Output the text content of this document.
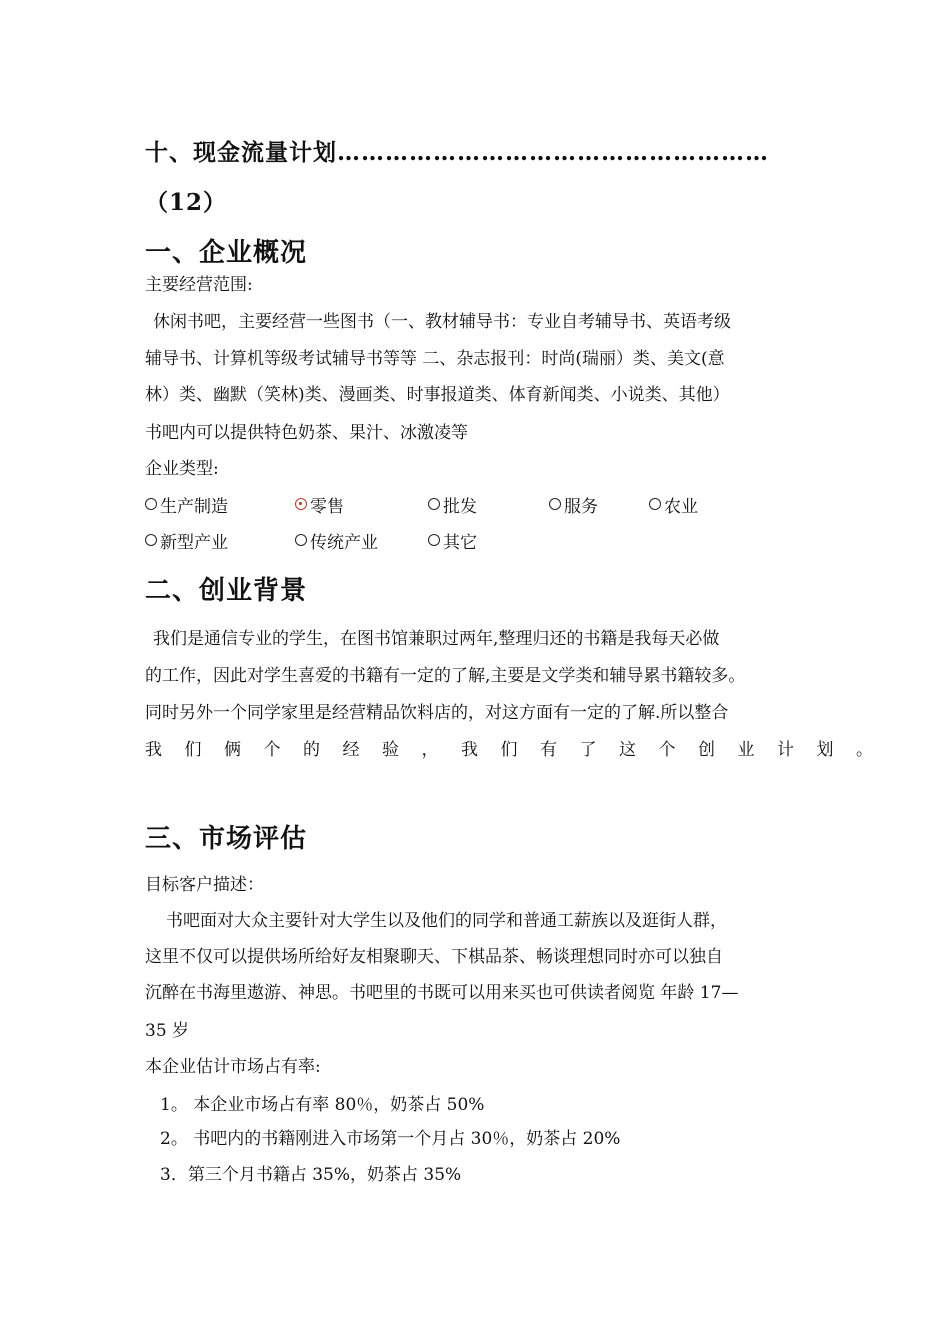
十、现金流量计划………………………………………………
（12）
一、企业概况
主要经营范围:
休闲书吧，主要经营一些图书（一、教材辅导书：专业自考辅导书、英语考级
辅导书、计算机等级考试辅导书等等 二、杂志报刊：时尚(瑞丽）类、美文(意
林）类、幽默（笑林)类、漫画类、时事报道类、体育新闻类、小说类、其他）
书吧内可以提供特色奶茶、果汁、冰激凌等
企业类型:
生产制造	零售	批发	服务	农业
新型产业	传统产业	其它
二、创业背景
我们是通信专业的学生，在图书馆兼职过两年,整理归还的书籍是我每天必做
的工作，因此对学生喜爱的书籍有一定的了解,主要是文学类和辅导累书籍较多。
同时另外一个同学家里是经营精品饮料店的，对这方面有一定的了解.所以整合
我们俩个的经验，我们有了这个创业计划。
三、市场评估
目标客户描述：
书吧面对大众主要针对大学生以及他们的同学和普通工薪族以及逛街人群，
这里不仅可以提供场所给好友相聚聊天、下棋品茶、畅谈理想同时亦可以独自
沉醉在书海里遨游、神思。书吧里的书既可以用来买也可供读者阅览 年龄 17—
35 岁
本企业估计市场占有率:
1。 本企业市场占有率 80％，奶茶占 50%
2。 书吧内的书籍刚进入市场第一个月占 30％，奶茶占 20%
3．第三个月书籍占 35%，奶茶占 35%
